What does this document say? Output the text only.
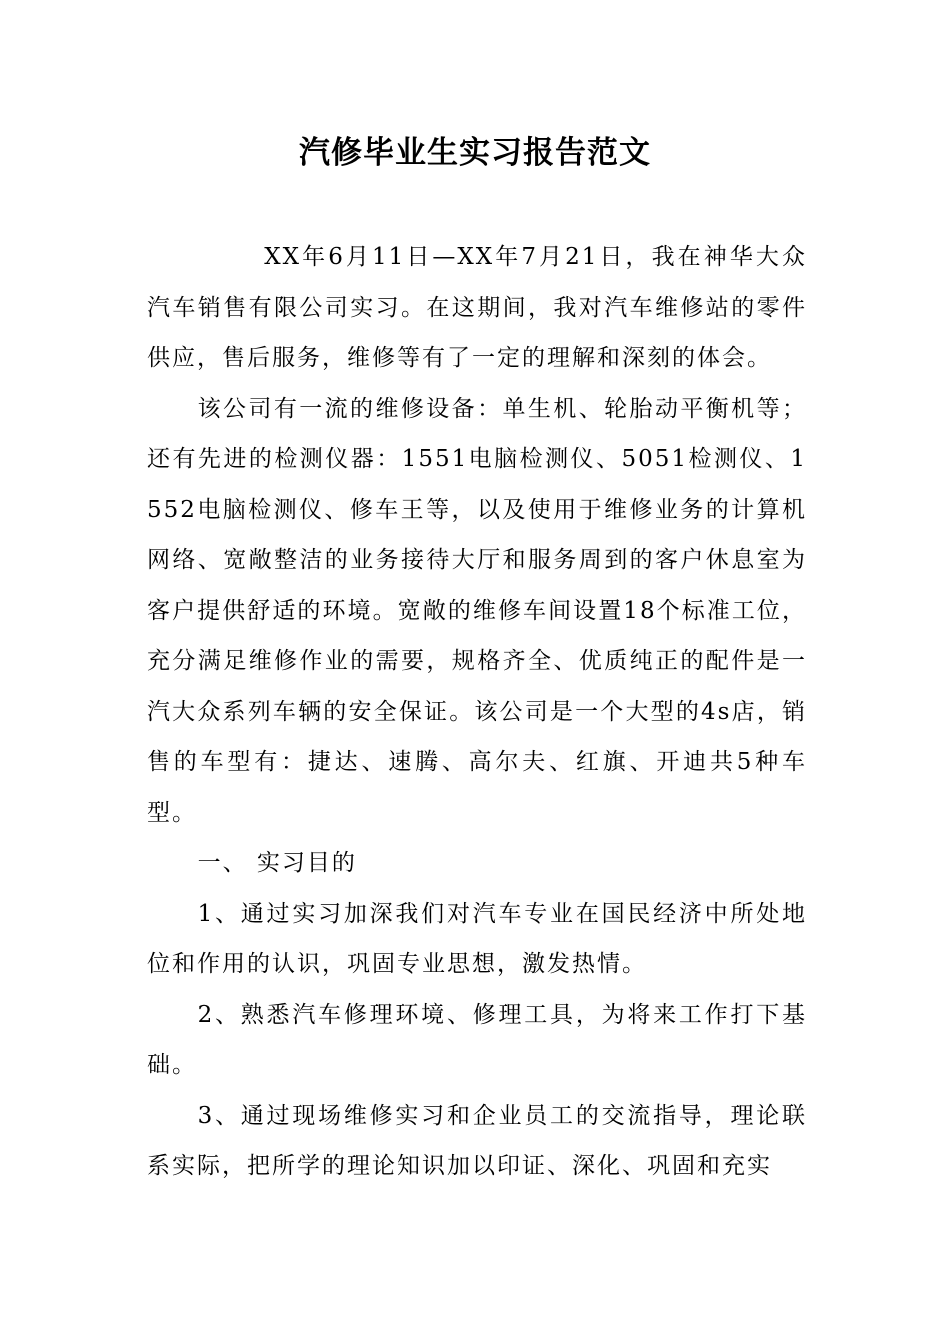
汽修毕业生实习报告范文

XX年6月11日—XX年7月21日，我在神华大众汽车销售有限公司实习。在这期间，我对汽车维修站的零件供应，售后服务，维修等有了一定的理解和深刻的体会。

该公司有一流的维修设备：单生机、轮胎动平衡机等；还有先进的检测仪器：1551电脑检测仪、5051检测仪、1552电脑检测仪、修车王等，以及使用于维修业务的计算机网络、宽敞整洁的业务接待大厅和服务周到的客户休息室为客户提供舒适的环境。宽敞的维修车间设置18个标准工位，充分满足维修作业的需要，规格齐全、优质纯正的配件是一汽大众系列车辆的安全保证。该公司是一个大型的4s店，销售的车型有：捷达、速腾、高尔夫、红旗、开迪共5种车型。

一、 实习目的

1、通过实习加深我们对汽车专业在国民经济中所处地位和作用的认识，巩固专业思想，激发热情。

2、熟悉汽车修理环境、修理工具，为将来工作打下基础。

3、通过现场维修实习和企业员工的交流指导，理论联系实际，把所学的理论知识加以印证、深化、巩固和充实
